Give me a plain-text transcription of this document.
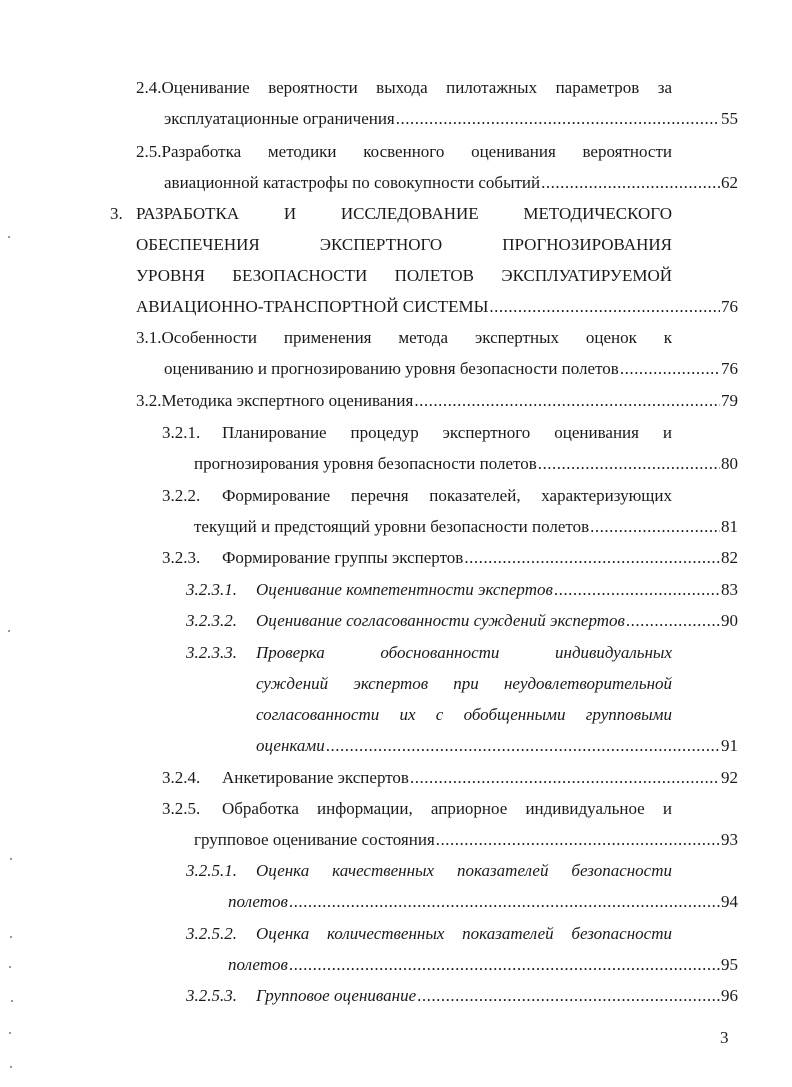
2.4.Оценивание вероятности выхода пилотажных параметров за
эксплуатационные ограничения .....	55
2.5.Разработка методики косвенного оценивания вероятности
авиационной катастрофы по совокупности событий .....	62
3. РАЗРАБОТКА И ИССЛЕДОВАНИЕ МЕТОДИЧЕСКОГО
ОБЕСПЕЧЕНИЯ ЭКСПЕРТНОГО ПРОГНОЗИРОВАНИЯ
УРОВНЯ БЕЗОПАСНОСТИ ПОЛЕТОВ ЭКСПЛУАТИРУЕМОЙ
АВИАЦИОННО-ТРАНСПОРТНОЙ СИСТЕМЫ .....	76
3.1.Особенности применения метода экспертных оценок к
оцениванию и прогнозированию уровня безопасности полетов .....	76
3.2.Методика экспертного оценивания .....	79
3.2.1. Планирование процедур экспертного оценивания и
прогнозирования уровня безопасности полетов .....	80
3.2.2. Формирование перечня показателей, характеризующих
текущий и предстоящий уровни безопасности полетов .....	81
3.2.3. Формирование группы экспертов .....	82
3.2.3.1. Оценивание компетентности экспертов .....	83
3.2.3.2. Оценивание согласованности суждений экспертов .....	90
3.2.3.3. Проверка обоснованности индивидуальных
суждений экспертов при неудовлетворительной
согласованности их с обобщенными групповыми
оценками .....	91
3.2.4. Анкетирование экспертов .....	92
3.2.5. Обработка информации, априорное индивидуальное и
групповое оценивание состояния .....	93
3.2.5.1. Оценка качественных показателей безопасности
полетов .....	94
3.2.5.2. Оценка количественных показателей безопасности
полетов .....	95
3.2.5.3. Групповое оценивание .....	96
3
